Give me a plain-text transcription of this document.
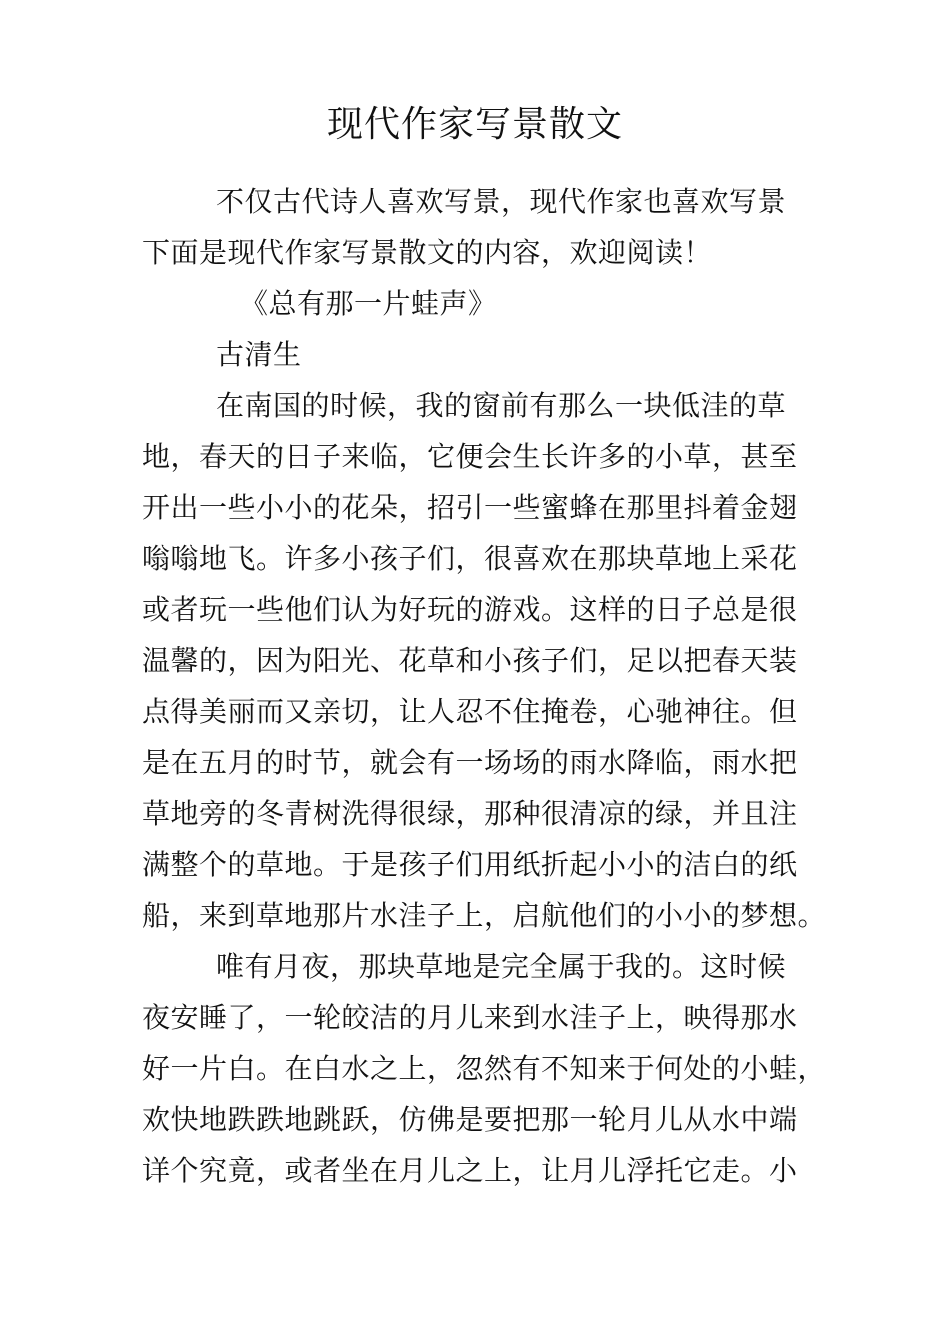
现代作家写景散文
不仅古代诗人喜欢写景，现代作家也喜欢写景
下面是现代作家写景散文的内容，欢迎阅读！
《总有那一片蛙声》
古清生
在南国的时候，我的窗前有那么一块低洼的草
地，春天的日子来临，它便会生长许多的小草，甚至
开出一些小小的花朵，招引一些蜜蜂在那里抖着金翅
嗡嗡地飞。许多小孩子们，很喜欢在那块草地上采花
或者玩一些他们认为好玩的游戏。这样的日子总是很
温馨的，因为阳光、花草和小孩子们，足以把春天装
点得美丽而又亲切，让人忍不住掩卷，心驰神往。但
是在五月的时节，就会有一场场的雨水降临，雨水把
草地旁的冬青树洗得很绿，那种很清凉的绿，并且注
满整个的草地。于是孩子们用纸折起小小的洁白的纸
船，来到草地那片水洼子上，启航他们的小小的梦想。
唯有月夜，那块草地是完全属于我的。这时候
夜安睡了，一轮皎洁的月儿来到水洼子上，映得那水
好一片白。在白水之上，忽然有不知来于何处的小蛙，
欢快地跌跌地跳跃，仿佛是要把那一轮月儿从水中端
详个究竟，或者坐在月儿之上，让月儿浮托它走。小
